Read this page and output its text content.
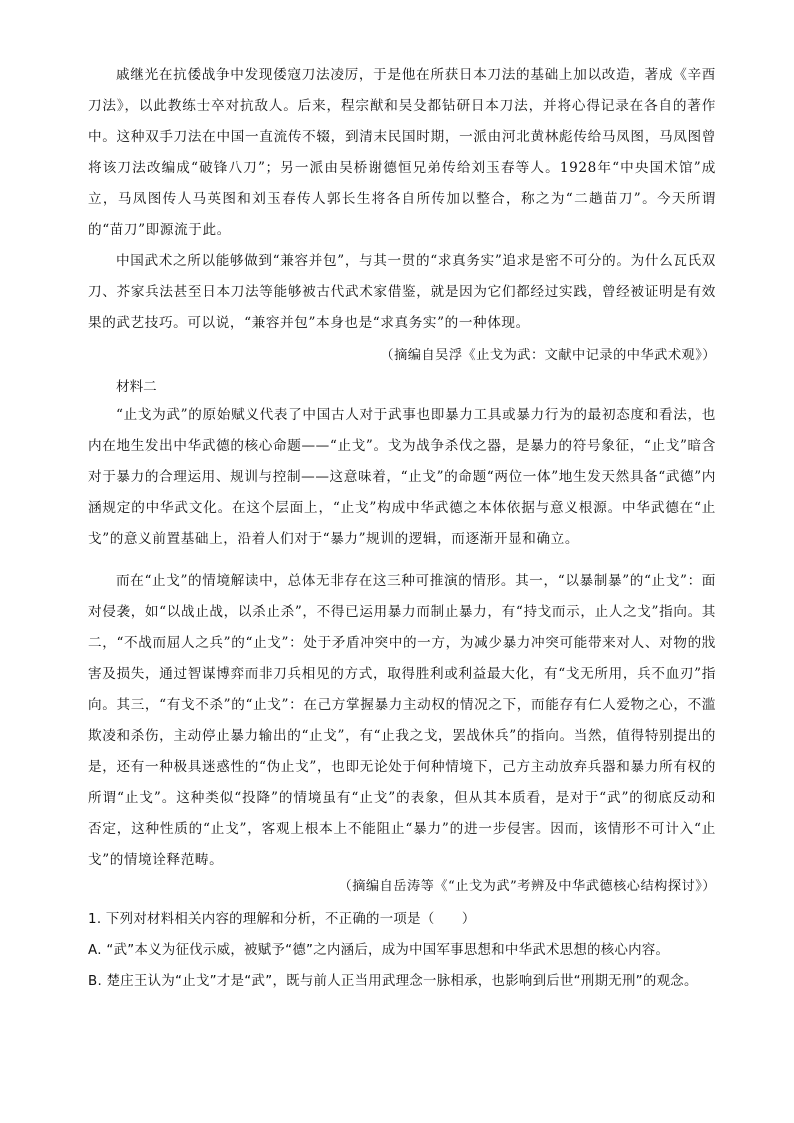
戚继光在抗倭战争中发现倭寇刀法凌厉，于是他在所获日本刀法的基础上加以改造，著成《辛酉刀法》，以此教练士卒对抗敌人。后来，程宗猷和吴殳都钻研日本刀法，并将心得记录在各自的著作中。这种双手刀法在中国一直流传不辍，到清末民国时期，一派由河北黄林彪传给马凤图，马凤图曾将该刀法改编成“破锋八刀”；另一派由吴桥谢德恒兄弟传给刘玉春等人。1928年“中央国术馆”成立，马凤图传人马英图和刘玉春传人郭长生将各自所传加以整合，称之为“二趟苗刀”。今天所谓的“苗刀”即源流于此。
中国武术之所以能够做到“兼容并包”，与其一贯的“求真务实”追求是密不可分的。为什么瓦氏双刀、芥家兵法甚至日本刀法等能够被古代武术家借鉴，就是因为它们都经过实践，曾经被证明是有效果的武艺技巧。可以说，“兼容并包”本身也是“求真务实”的一种体现。
（摘编自吴浮《止戈为武：文献中记录的中华武术观》）
材料二
“止戈为武”的原始赋义代表了中国古人对于武事也即暴力工具或暴力行为的最初态度和看法，也内在地生发出中华武德的核心命题——“止戈”。戈为战争杀伐之器，是暴力的符号象征，“止戈”暗含对于暴力的合理运用、规训与控制——这意味着，“止戈”的命题“两位一体”地生发天然具备“武德”内涵规定的中华武文化。在这个层面上，“止戈”构成中华武德之本体依据与意义根源。中华武德在“止戈”的意义前置基础上，沿着人们对于“暴力”规训的逻辑，而逐渐开显和确立。
而在“止戈”的情境解读中，总体无非存在这三种可推演的情形。其一，“以暴制暴”的“止戈”：面对侵袭，如“以战止战，以杀止杀”，不得已运用暴力而制止暴力，有“持戈而示，止人之戈”指向。其二，“不战而屈人之兵”的“止戈”：处于矛盾冲突中的一方，为减少暴力冲突可能带来对人、对物的戕害及损失，通过智谋博弈而非刀兵相见的方式，取得胜利或利益最大化，有“戈无所用，兵不血刃”指向。其三，“有戈不杀”的“止戈”：在己方掌握暴力主动权的情况之下，而能存有仁人爱物之心，不滥欺凌和杀伤，主动停止暴力输出的“止戈”，有“止我之戈，罢战休兵”的指向。当然，值得特别提出的是，还有一种极具迷惑性的“伪止戈”，也即无论处于何种情境下，己方主动放弃兵器和暴力所有权的所谓“止戈”。这种类似“投降”的情境虽有“止戈”的表象，但从其本质看，是对于“武”的彻底反动和否定，这种性质的“止戈”，客观上根本上不能阻止“暴力”的进一步侵害。因而，该情形不可计入“止戈”的情境诠释范畴。
（摘编自岳涛等《“止戈为武”考辨及中华武德核心结构探讨》）
1. 下列对材料相关内容的理解和分析，不正确的一项是（　　）
A. “武”本义为征伐示威，被赋予“德”之内涵后，成为中国军事思想和中华武术思想的核心内容。
B. 楚庄王认为“止戈”才是“武”，既与前人正当用武理念一脉相承，也影响到后世“刑期无刑”的观念。
